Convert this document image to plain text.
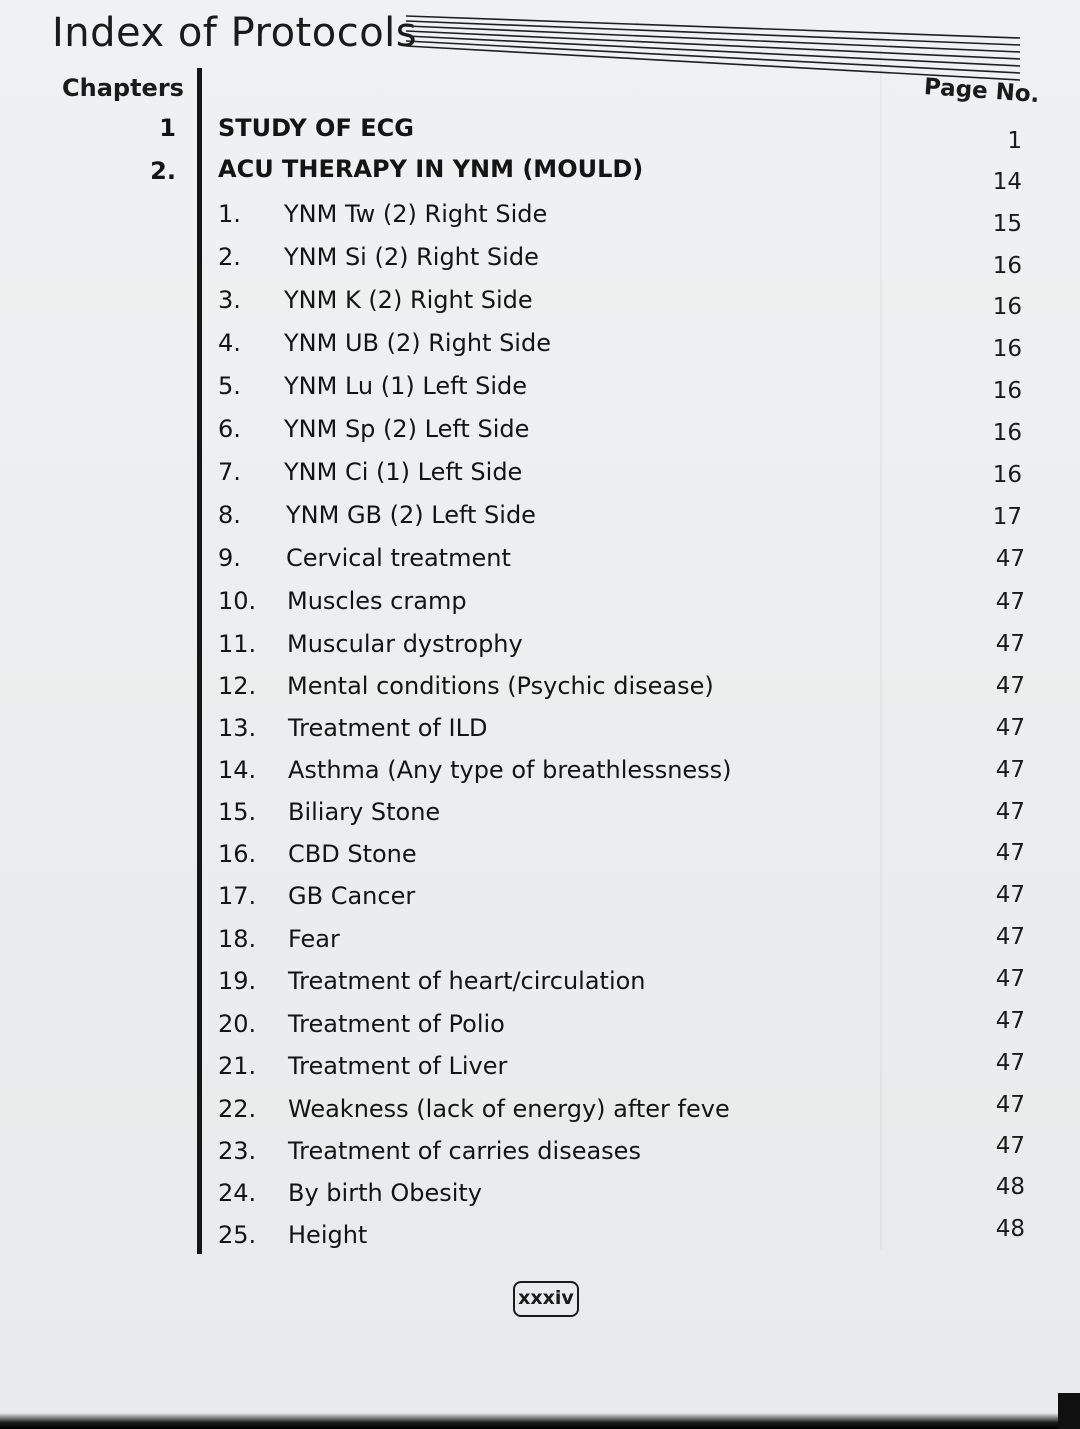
Index of Protocols
Chapters	Page No.
1 STUDY OF ECG	1
2. ACU THERAPY IN YNM (MOULD)	14
1. YNM Tw (2) Right Side	15
2. YNM Si (2) Right Side	16
3. YNM K (2) Right Side	16
4. YNM UB (2) Right Side	16
5. YNM Lu (1) Left Side	16
6. YNM Sp (2) Left Side	16
7. YNM Ci (1) Left Side	16
8. YNM GB (2) Left Side	17
9. Cervical treatment	47
10. Muscles cramp	47
11. Muscular dystrophy	47
12. Mental conditions (Psychic disease)	47
13. Treatment of ILD	47
14. Asthma (Any type of breathlessness)	47
15. Biliary Stone	47
16. CBD Stone	47
17. GB Cancer	47
18. Fear	47
19. Treatment of heart/circulation	47
20. Treatment of Polio	47
21. Treatment of Liver	47
22. Weakness (lack of energy) after feve	47
23. Treatment of carries diseases	47
24. By birth Obesity	48
25. Height	48
xxxiv
